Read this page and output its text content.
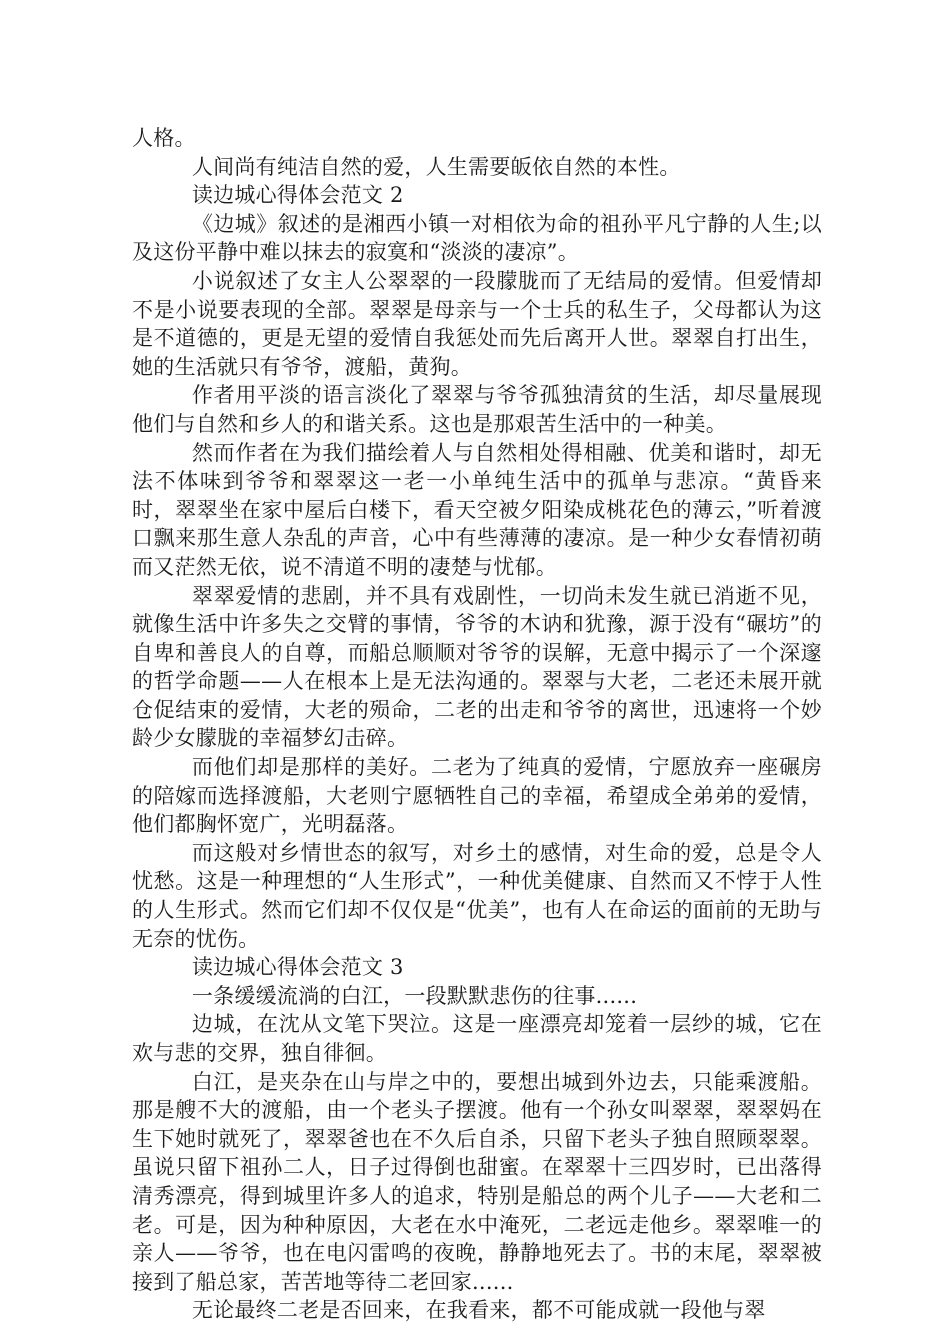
人格。

人间尚有纯洁自然的爱，人生需要皈依自然的本性。

读边城心得体会范文 2

《边城》叙述的是湘西小镇一对相依为命的祖孙平凡宁静的人生;以及这份平静中难以抹去的寂寞和“淡淡的凄凉”。

小说叙述了女主人公翠翠的一段朦胧而了无结局的爱情。但爱情却不是小说要表现的全部。翠翠是母亲与一个士兵的私生子，父母都认为这是不道德的，更是无望的爱情自我惩处而先后离开人世。翠翠自打出生，她的生活就只有爷爷，渡船，黄狗。

作者用平淡的语言淡化了翠翠与爷爷孤独清贫的生活，却尽量展现他们与自然和乡人的和谐关系。这也是那艰苦生活中的一种美。

然而作者在为我们描绘着人与自然相处得相融、优美和谐时，却无法不体味到爷爷和翠翠这一老一小单纯生活中的孤单与悲凉。“黄昏来时，翠翠坐在家中屋后白楼下，看天空被夕阳染成桃花色的薄云，”听着渡口飘来那生意人杂乱的声音，心中有些薄薄的凄凉。是一种少女春情初萌而又茫然无依，说不清道不明的凄楚与忧郁。

翠翠爱情的悲剧，并不具有戏剧性，一切尚未发生就已消逝不见，就像生活中许多失之交臂的事情，爷爷的木讷和犹豫，源于没有“碾坊”的自卑和善良人的自尊，而船总顺顺对爷爷的误解，无意中揭示了一个深邃的哲学命题——人在根本上是无法沟通的。翠翠与大老，二老还未展开就仓促结束的爱情，大老的殒命，二老的出走和爷爷的离世，迅速将一个妙龄少女朦胧的幸福梦幻击碎。

而他们却是那样的美好。二老为了纯真的爱情，宁愿放弃一座碾房的陪嫁而选择渡船，大老则宁愿牺牲自己的幸福，希望成全弟弟的爱情，他们都胸怀宽广，光明磊落。

而这般对乡情世态的叙写，对乡土的感情，对生命的爱，总是令人忧愁。这是一种理想的“人生形式”，一种优美健康、自然而又不悖于人性的人生形式。然而它们却不仅仅是“优美”，也有人在命运的面前的无助与无奈的忧伤。

读边城心得体会范文 3

一条缓缓流淌的白江，一段默默悲伤的往事......

边城，在沈从文笔下哭泣。这是一座漂亮却笼着一层纱的城，它在欢与悲的交界，独自徘徊。

白江，是夹杂在山与岸之中的，要想出城到外边去，只能乘渡船。那是艘不大的渡船，由一个老头子摆渡。他有一个孙女叫翠翠，翠翠妈在生下她时就死了，翠翠爸也在不久后自杀，只留下老头子独自照顾翠翠。虽说只留下祖孙二人，日子过得倒也甜蜜。在翠翠十三四岁时，已出落得清秀漂亮，得到城里许多人的追求，特别是船总的两个儿子——大老和二老。可是，因为种种原因，大老在水中淹死，二老远走他乡。翠翠唯一的亲人——爷爷，也在电闪雷鸣的夜晚，静静地死去了。书的末尾，翠翠被接到了船总家，苦苦地等待二老回家......

无论最终二老是否回来，在我看来，都不可能成就一段他与翠
